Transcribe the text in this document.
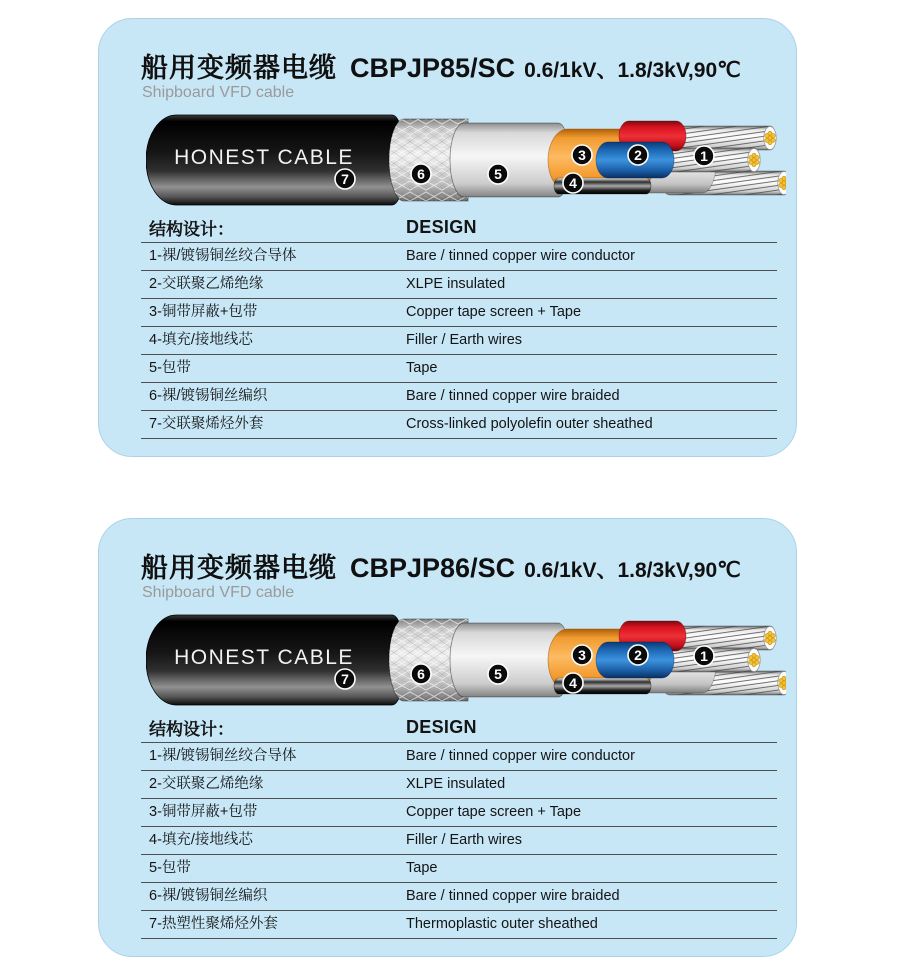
船用变频器电缆 CBPJP85/SC 0.6/1kV、1.8/3kV,90℃
Shipboard VFD cable
结构设计：	DESIGN
1-裸/镀锡铜丝绞合导体	Bare / tinned copper wire conductor
2-交联聚乙烯绝缘	XLPE insulated
3-铜带屏蔽+包带	Copper tape screen + Tape
4-填充/接地线芯	Filler / Earth wires
5-包带	Tape
6-裸/镀锡铜丝编织	Bare / tinned copper wire braided
7-交联聚烯烃外套	Cross-linked polyolefin outer sheathed
船用变频器电缆 CBPJP86/SC 0.6/1kV、1.8/3kV,90℃
Shipboard VFD cable
结构设计：	DESIGN
1-裸/镀锡铜丝绞合导体	Bare / tinned copper wire conductor
2-交联聚乙烯绝缘	XLPE insulated
3-铜带屏蔽+包带	Copper tape screen + Tape
4-填充/接地线芯	Filler / Earth wires
5-包带	Tape
6-裸/镀锡铜丝编织	Bare / tinned copper wire braided
7-热塑性聚烯烃外套	Thermoplastic outer sheathed
